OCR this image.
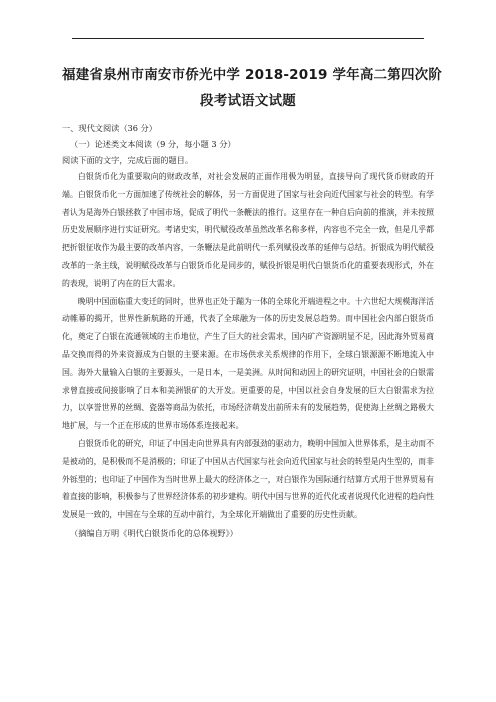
福建省泉州市南安市侨光中学 2018-2019 学年高二第四次阶
段考试语文试题

一、现代文阅读（36 分）

（一）论述类文本阅读（9 分，每小题 3 分）

阅读下面的文字，完成后面的题目。

白银货币化为重要取向的财政改革，对社会发展的正面作用极为明显，直接导向了现代货币财政的开端。白银货币化一方面加速了传统社会的解体，另一方面促进了国家与社会向近代国家与社会的转型。有学者认为是海外白银拯救了中国市场，促成了明代一条鞭法的推行。这里存在一种自后向前的推演，并未按照历史发展顺序进行实证研究。考诸史实，明代赋役改革虽然改革名称多样，内容也不完全一致，但是几乎都把折银征收作为最主要的改革内容，一条鞭法是此前明代一系列赋役改革的延伸与总结。折银成为明代赋役改革的一条主线，说明赋役改革与白银货币化是同步的，赋役折银是明代白银货币化的重要表现形式，外在的表现，说明了内在的巨大需求。

晚明中国面临重大变迁的同时，世界也正处于蹦为一体的全球化开端进程之中。十六世纪大规模海洋活动帷幕的揭开，世界性新航路的开通，代表了全球融为一体的历史发展总趋势。而中国社会内部白银货币化，奠定了白银在流通领域的主币地位，产生了巨大的社会需求，国内矿产资源明显不足，因此海外贸易商品交换而得的外来资源成为白银的主要来源。在市场供求关系规律的作用下，全球白银源源不断地流入中国。海外大量输入白银的主要源头，一是日本，一是美洲。从时间和动因上的研究证明，中国社会的白银需求曾直接或间接影响了日本和美洲银矿的大开发。更重要的是，中国以社会自身发展的巨大白银需求为拉力，以享誉世界的丝绸、瓷器等商品为依托，市场经济萌发出前所未有的发展趋势，促使海上丝绸之路极大地扩展，与一个正在形成的世界市场体系连接起来。

白银货币化的研究，印证了中国走向世界具有内部强劲的驱动力，晚明中国加入世界体系，是主动而不是被动的，是积极而不是消极的；印证了中国从古代国家与社会向近代国家与社会的转型是内生型的，而非外铄型的；也印证了中国作为当时世界上最大的经济体之一，对白银作为国际通行结算方式用于世界贸易有着直接的影响，积极参与了世界经济体系的初步建构。明代中国与世界的近代化或者说现代化进程的趋向性发展是一致的，中国在与全球的互动中前行，为全球化开端做出了重要的历史性贡献。

（摘编自万明《明代白银货币化的总体视野》）
